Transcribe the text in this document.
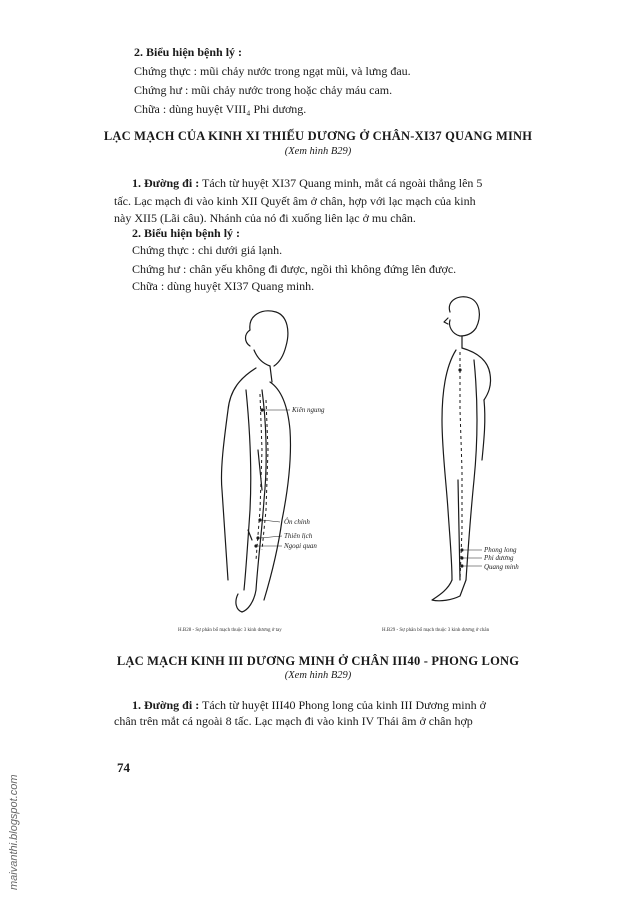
2. Biểu hiện bệnh lý :
Chứng thực : mũi chảy nước trong ngạt mũi, và lưng đau.
Chứng hư : mũi chảy nước trong hoặc chảy máu cam.
Chữa : dùng huyệt VIII₄ Phi dương.
LẠC MẠCH CỦA KINH XI THIẾU DƯƠNG Ở CHÂN-XI37 QUANG MINH
(Xem hình B29)
1. Đường đi : Tách từ huyệt XI37 Quang minh, mắt cá ngoài thẳng lên 5
tấc. Lạc mạch đi vào kinh XII Quyết âm ở chân, hợp với lạc mạch của kinh
này XII5 (Lãi câu). Nhánh của nó đi xuống liên lạc ở mu chân.
2. Biểu hiện bệnh lý :
Chứng thực : chi dưới giá lạnh.
Chứng hư : chân yếu không đi được, ngồi thì không đứng lên được.
Chữa : dùng huyệt XI37 Quang minh.
Kiên ngung
Ôn chính
Thiên lịch
Ngoại quan	Phong long
Phi dương
Quang minh
H.B28 - Sự phân bố mạch thuộc 3 kinh dương ở tay	H.B29 - Sự phân bố mạch thuộc 3 kinh dương ở chân
LẠC MẠCH KINH III DƯƠNG MINH Ở CHÂN III40 - PHONG LONG
(Xem hình B29)
1. Đường đi : Tách từ huyệt III40 Phong long của kinh III Dương minh ở
chân trên mắt cá ngoài 8 tấc. Lạc mạch đi vào kinh IV Thái âm ở chân hợp
74
maivanthi.blogspot.com
